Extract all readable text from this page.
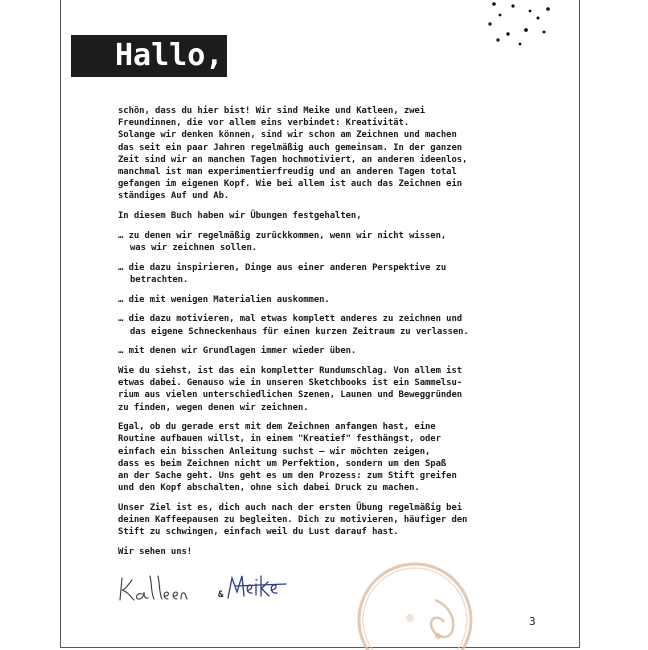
Hallo,

schön, dass du hier bist! Wir sind Meike und Katleen, zwei
Freundinnen, die vor allem eins verbindet: Kreativität.
Solange wir denken können, sind wir schon am Zeichnen und machen
das seit ein paar Jahren regelmäßig auch gemeinsam. In der ganzen
Zeit sind wir an manchen Tagen hochmotiviert, an anderen ideenlos,
manchmal ist man experimentierfreudig und an anderen Tagen total
gefangen im eigenen Kopf. Wie bei allem ist auch das Zeichnen ein
ständiges Auf und Ab.

In diesem Buch haben wir Übungen festgehalten,

… zu denen wir regelmäßig zurückkommen, wenn wir nicht wissen,
was wir zeichnen sollen.

… die dazu inspirieren, Dinge aus einer anderen Perspektive zu
betrachten.

… die mit wenigen Materialien auskommen.

… die dazu motivieren, mal etwas komplett anderes zu zeichnen und
das eigene Schneckenhaus für einen kurzen Zeitraum zu verlassen.

… mit denen wir Grundlagen immer wieder üben.

Wie du siehst, ist das ein kompletter Rundumschlag. Von allem ist
etwas dabei. Genauso wie in unseren Sketchbooks ist ein Sammelsu-
rium aus vielen unterschiedlichen Szenen, Launen und Beweggründen
zu finden, wegen denen wir zeichnen.

Egal, ob du gerade erst mit dem Zeichnen anfangen hast, eine
Routine aufbauen willst, in einem "Kreatief" festhängst, oder
einfach ein bisschen Anleitung suchst – wir möchten zeigen,
dass es beim Zeichnen nicht um Perfektion, sondern um den Spaß
an der Sache geht. Uns geht es um den Prozess: zum Stift greifen
und den Kopf abschalten, ohne sich dabei Druck zu machen.

Unser Ziel ist es, dich auch nach der ersten Übung regelmäßig bei
deinen Kaffeepausen zu begleiten. Dich zu motivieren, häufiger den
Stift zu schwingen, einfach weil du Lust darauf hast.

Wir sehen uns!

&
3
